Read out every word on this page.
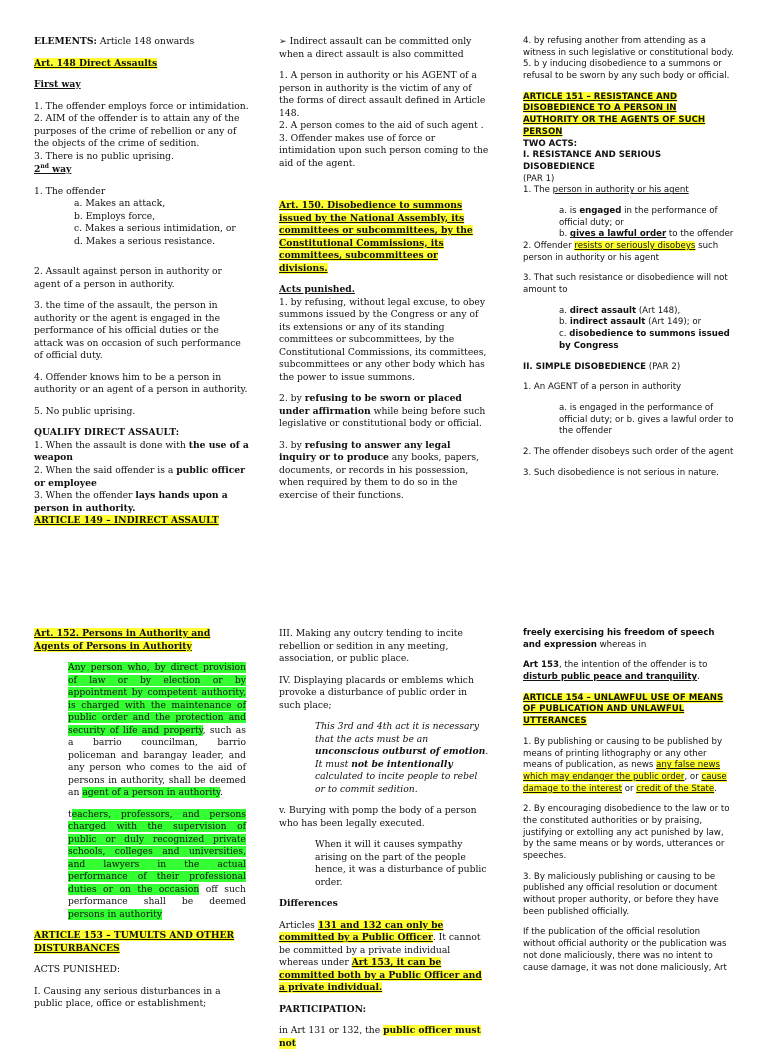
ELEMENTS: Article 148 onwards

Art. 148 Direct Assaults

First way

1. The offender employs force or intimidation.

2. AIM of the offender is to attain any of the purposes of the crime of rebellion or any of the objects of the crime of sedition.

3. There is no public uprising.

2nd way

1. The offender

a. Makes an attack,

b. Employs force,

c. Makes a serious intimidation, or

d. Makes a serious resistance.

2. Assault against person in authority or agent of a person in authority.

3. the time of the assault, the person in authority or the agent is engaged in the performance of his official duties or the attack was on occasion of such performance of official duty.

4. Offender knows him to be a person in authority or an agent of a person in authority.

5. No public uprising.

QUALIFY DIRECT ASSAULT:

1. When the assault is done with the use of a weapon

2. When the said offender is a public officer or employee

3. When the offender lays hands upon a person in authority.

ARTICLE 149 – INDIRECT ASSAULT

➢ Indirect assault can be committed only when a direct assault is also committed

1. A person in authority or his AGENT of a person in authority is the victim of any of the forms of direct assault defined in Article 148.

2. A person comes to the aid of such agent .

3. Offender makes use of force or intimidation upon such person coming to the aid of the agent.

Art. 150. Disobedience to summons issued by the National Assembly, its committees or subcommittees, by the Constitutional Commissions, its committees, subcommittees or divisions.

Acts punished.

1. by refusing, without legal excuse, to obey summons issued by the Congress or any of its extensions or any of its standing committees or subcommittees, by the Constitutional Commissions, its committees, subcommittees or any other body which has the power to issue summons.

2. by refusing to be sworn or placed under affirmation while being before such legislative or constitutional body or official.

3. by refusing to answer any legal inquiry or to produce any books, papers, documents, or records in his possession, when required by them to do so in the exercise of their functions.

4. by refusing another from attending as a witness in such legislative or constitutional body.

5. b y inducing disobedience to a summons or refusal to be sworn by any such body or official.

ARTICLE 151 – RESISTANCE AND DISOBEDIENCE TO A PERSON IN AUTHORITY OR THE AGENTS OF SUCH PERSON

TWO ACTS:

I. RESISTANCE AND SERIOUS DISOBEDIENCE

(PAR 1)

1. The person in authority or his agent

a. is engaged in the performance of official duty; or

b. gives a lawful order to the offender

2. Offender resists or seriously disobeys such person in authority or his agent

3. That such resistance or disobedience will not amount to

a. direct assault (Art 148),

b. indirect assault (Art 149); or

c. disobedience to summons issued by Congress

II. SIMPLE DISOBEDIENCE (PAR 2)

1. An AGENT of a person in authority

a. is engaged in the performance of official duty; or b. gives a lawful order to the offender

2. The offender disobeys such order of the agent

3. Such disobedience is not serious in nature.

Art. 152. Persons in Authority and Agents of Persons in Authority

Any person who, by direct provision of law or by election or by appointment by competent authority, is charged with the maintenance of public order and the protection and security of life and property, such as a barrio councilman, barrio policeman and barangay leader, and any person who comes to the aid of persons in authority, shall be deemed an agent of a person in authority.

teachers, professors, and persons charged with the supervision of public or duly recognized private schools, colleges and universities, and lawyers in the actual performance of their professional duties or on the occasion off such performance shall be deemed persons in authority

ARTICLE 153 – TUMULTS AND OTHER DISTURBANCES

ACTS PUNISHED:

I. Causing any serious disturbances in a public place, office or establishment;

III. Making any outcry tending to incite rebellion or sedition in any meeting, association, or public place.

IV. Displaying placards or emblems which provoke a disturbance of public order in such place;

This 3rd and 4th act it is necessary that the acts must be an unconscious outburst of emotion. It must not be intentionally calculated to incite people to rebel or to commit sedition.

v. Burying with pomp the body of a person who has been legally executed.

When it will it causes sympathy arising on the part of the people hence, it was a disturbance of public order.

Differences

Articles 131 and 132 can only be committed by a Public Officer. It cannot be committed by a private individual whereas under Art 153, it can be committed both by a Public Officer and a private individual.

PARTICIPATION:

in Art 131 or 132, the public officer must not

freely exercising his freedom of speech and expression whereas in

Art 153, the intention of the offender is to disturb public peace and tranquility.

ARTICLE 154 – UNLAWFUL USE OF MEANS OF PUBLICATION AND UNLAWFUL UTTERANCES

1. By publishing or causing to be published by means of printing lithography or any other means of publication, as news any false news which may endanger the public order, or cause damage to the interest or credit of the State.

2. By encouraging disobedience to the law or to the constituted authorities or by praising, justifying or extolling any act punished by law, by the same means or by words, utterances or speeches.

3. By maliciously publishing or causing to be published any official resolution or document without proper authority, or before they have been published officially.

If the publication of the official resolution without official authority or the publication was not done maliciously, there was no intent to cause damage, it was not done maliciously, Art
